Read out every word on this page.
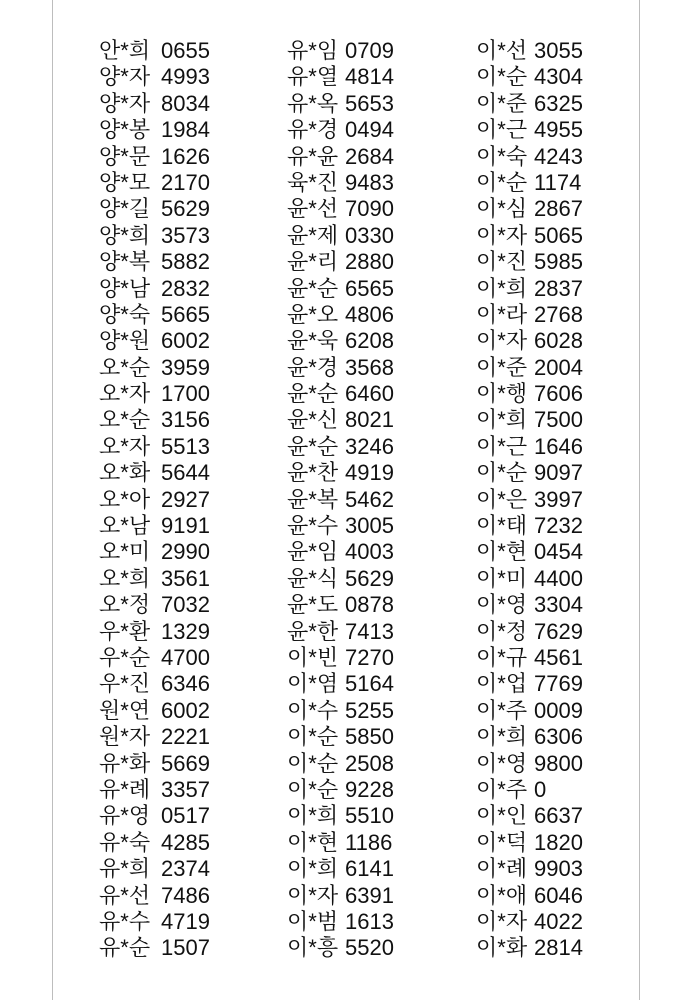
안*희 0655
양*자 4993
양*자 8034
양*봉 1984
양*문 1626
양*모 2170
양*길 5629
양*희 3573
양*복 5882
양*남 2832
양*숙 5665
양*원 6002
오*순 3959
오*자 1700
오*순 3156
오*자 5513
오*화 5644
오*아 2927
오*남 9191
오*미 2990
오*희 3561
오*정 7032
우*환 1329
우*순 4700
우*진 6346
원*연 6002
원*자 2221
유*화 5669
유*례 3357
유*영 0517
유*숙 4285
유*희 2374
유*선 7486
유*수 4719
유*순 1507
유*임 0709
유*열 4814
유*옥 5653
유*경 0494
유*윤 2684
육*진 9483
윤*선 7090
윤*제 0330
윤*리 2880
윤*순 6565
윤*오 4806
윤*욱 6208
윤*경 3568
윤*순 6460
윤*신 8021
윤*순 3246
윤*찬 4919
윤*복 5462
윤*수 3005
윤*임 4003
윤*식 5629
윤*도 0878
윤*한 7413
이*빈 7270
이*염 5164
이*수 5255
이*순 5850
이*순 2508
이*순 9228
이*희 5510
이*현 1186
이*희 6141
이*자 6391
이*범 1613
이*흥 5520
이*선 3055
이*순 4304
이*준 6325
이*근 4955
이*숙 4243
이*순 1174
이*심 2867
이*자 5065
이*진 5985
이*희 2837
이*라 2768
이*자 6028
이*준 2004
이*행 7606
이*희 7500
이*근 1646
이*순 9097
이*은 3997
이*태 7232
이*현 0454
이*미 4400
이*영 3304
이*정 7629
이*규 4561
이*업 7769
이*주 0009
이*희 6306
이*영 9800
이*주 0
이*인 6637
이*덕 1820
이*례 9903
이*애 6046
이*자 4022
이*화 2814
